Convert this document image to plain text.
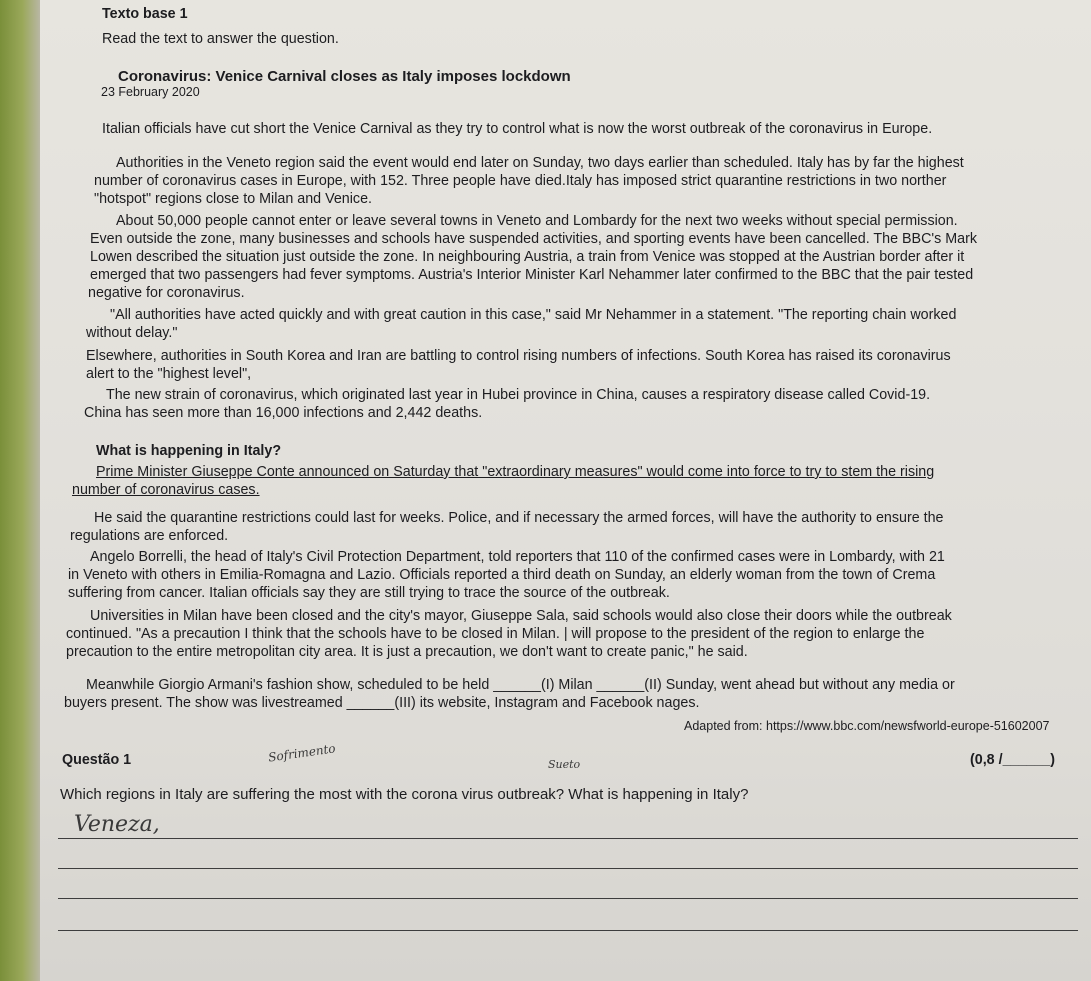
Texto base 1
Read the text to answer the question.
Coronavirus: Venice Carnival closes as Italy imposes lockdown
23 February 2020
Italian officials have cut short the Venice Carnival as they try to control what is now the worst outbreak of the coronavirus in Europe.
Authorities in the Veneto region said the event would end later on Sunday, two days earlier than scheduled. Italy has by far the highest
number of coronavirus cases in Europe, with 152. Three people have died.Italy has imposed strict quarantine restrictions in two norther
"hotspot" regions close to Milan and Venice.
About 50,000 people cannot enter or leave several towns in Veneto and Lombardy for the next two weeks without special permission.
Even outside the zone, many businesses and schools have suspended activities, and sporting events have been cancelled. The BBC's Mark
Lowen described the situation just outside the zone. In neighbouring Austria, a train from Venice was stopped at the Austrian border after it
emerged that two passengers had fever symptoms. Austria's Interior Minister Karl Nehammer later confirmed to the BBC that the pair tested
negative for coronavirus.
"All authorities have acted quickly and with great caution in this case," said Mr Nehammer in a statement. "The reporting chain worked
without delay."
Elsewhere, authorities in South Korea and Iran are battling to control rising numbers of infections. South Korea has raised its coronavirus
alert to the "highest level",
The new strain of coronavirus, which originated last year in Hubei province in China, causes a respiratory disease called Covid-19.
China has seen more than 16,000 infections and 2,442 deaths.
What is happening in Italy?
Prime Minister Giuseppe Conte announced on Saturday that "extraordinary measures" would come into force to try to stem the rising
number of coronavirus cases.
He said the quarantine restrictions could last for weeks. Police, and if necessary the armed forces, will have the authority to ensure the
regulations are enforced.
Angelo Borrelli, the head of Italy's Civil Protection Department, told reporters that 110 of the confirmed cases were in Lombardy, with 21
in Veneto with others in Emilia-Romagna and Lazio. Officials reported a third death on Sunday, an elderly woman from the town of Crema
suffering from cancer. Italian officials say they are still trying to trace the source of the outbreak.
Universities in Milan have been closed and the city's mayor, Giuseppe Sala, said schools would also close their doors while the outbreak
continued. "As a precaution I think that the schools have to be closed in Milan. | will propose to the president of the region to enlarge the
precaution to the entire metropolitan city area. It is just a precaution, we don't want to create panic," he said.
Meanwhile Giorgio Armani's fashion show, scheduled to be held ______(I) Milan ______(II) Sunday, went ahead but without any media or
buyers present. The show was livestreamed ______(III) its website, Instagram and Facebook nages.
Adapted from: https://www.bbc.com/newsfworld-europe-51602007
Questão 1	(0,8 /______)
Sofrimento	Sueto
Which regions in Italy are suffering the most with the corona virus outbreak? What is happening in Italy?
Veneza,
